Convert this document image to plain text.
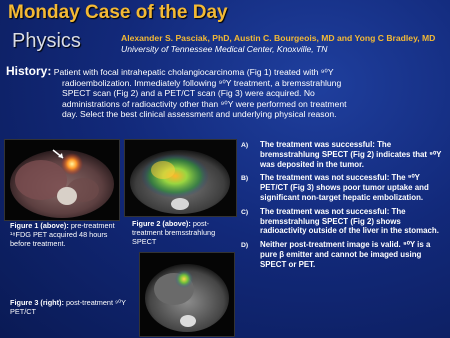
Monday Case of the Day
Physics	Alexander S. Pasciak, PhD, Austin C. Bourgeois, MD and Yong C Bradley, MD University of Tennessee Medical Center, Knoxville, TN
History: Patient with focal intrahepatic cholangiocarcinoma (Fig 1) treated with ⁹⁰Y
radioembolization. Immediately following ⁹⁰Y treatment, a bremsstrahlung
SPECT scan (Fig 2) and a PET/CT scan (Fig 3) were acquired. No
administrations of radioactivity other than ⁹⁰Y were performed on treatment
day. Select the best clinical assessment and underlying physical reason.
Figure 1 (above): pre-treatment ¹⁸FDG PET acquired 48 hours before treatment.
Figure 2 (above): post-treatment bremsstrahlung SPECT
Figure 3 (right): post-treatment ⁹⁰Y PET/CT
A) The treatment was successful: The bremsstrahlung SPECT (Fig 2) indicates that ⁹⁰Y was deposited in the tumor.
B) The treatment was not successful: The ⁹⁰Y PET/CT (Fig 3) shows poor tumor uptake and significant non-target hepatic embolization.
C) The treatment was not successful: The bremsstrahlung SPECT (Fig 2) shows radioactivity outside of the liver in the stomach.
D) Neither post-treatment image is valid. ⁹⁰Y is a pure β emitter and cannot be imaged using SPECT or PET.
